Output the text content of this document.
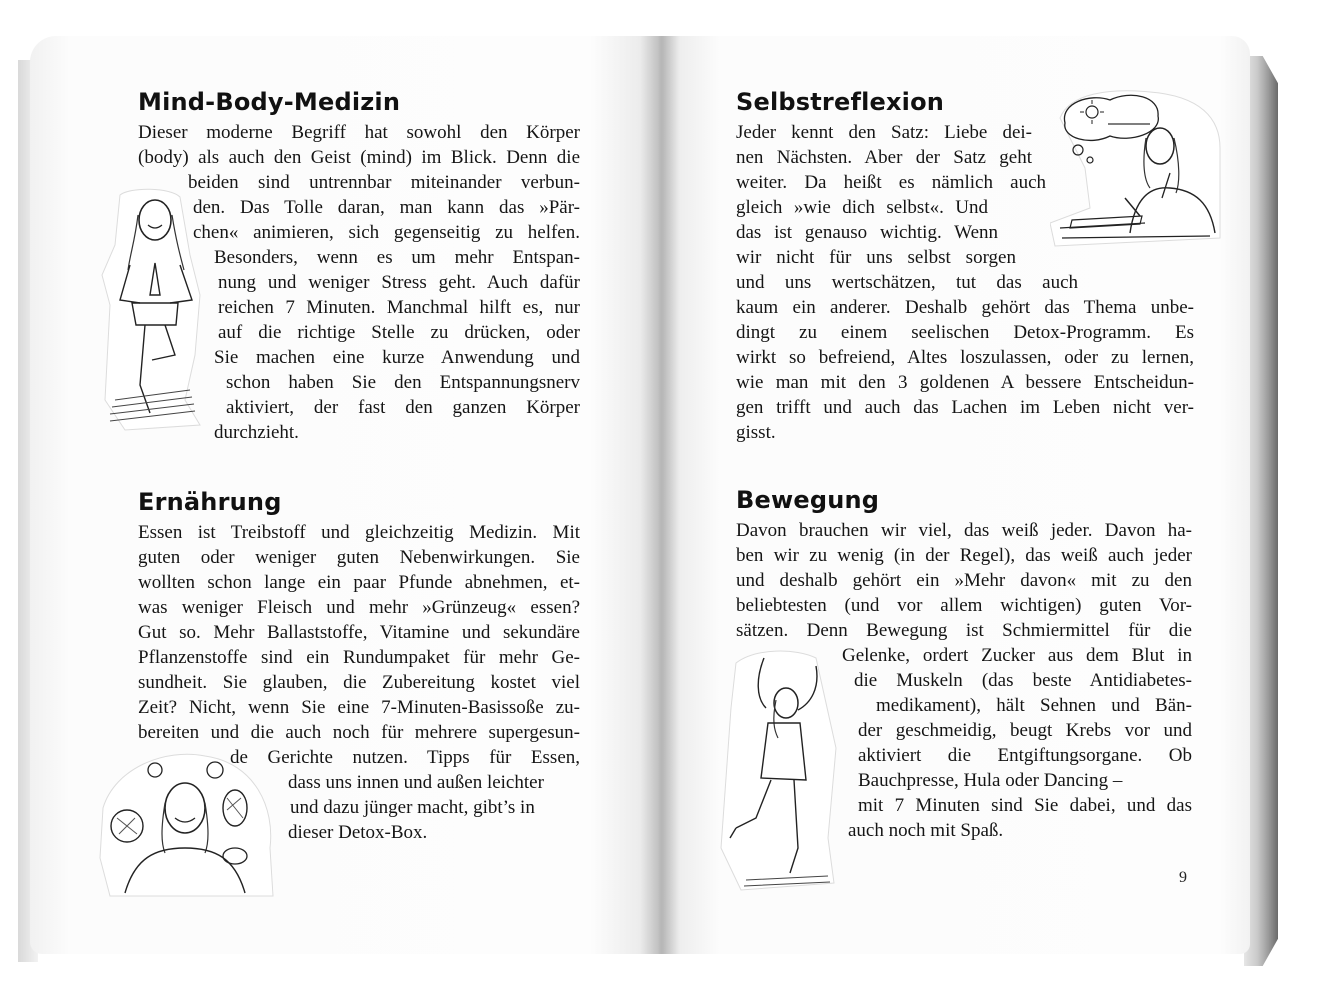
Mind-Body-Medizin
Dieser moderne Begriff hat sowohl den Körper
(body) als auch den Geist (mind) im Blick. Denn die
beiden sind untrennbar miteinander verbun-
den. Das Tolle daran, man kann das »Pär-
chen« animieren, sich gegenseitig zu helfen.
Besonders, wenn es um mehr Entspan-
nung und weniger Stress geht. Auch dafür
reichen 7 Minuten. Manchmal hilft es, nur
auf die richtige Stelle zu drücken, oder
Sie machen eine kurze Anwendung und
schon haben Sie den Entspannungsnerv
aktiviert, der fast den ganzen Körper
durchzieht.
Ernährung
Essen ist Treibstoff und gleichzeitig Medizin. Mit
guten oder weniger guten Nebenwirkungen. Sie
wollten schon lange ein paar Pfunde abnehmen, et-
was weniger Fleisch und mehr »Grünzeug« essen?
Gut so. Mehr Ballaststoffe, Vitamine und sekundäre
Pflanzenstoffe sind ein Rundumpaket für mehr Ge-
sundheit. Sie glauben, die Zubereitung kostet viel
Zeit? Nicht, wenn Sie eine 7-Minuten-Basissoße zu-
bereiten und die auch noch für mehrere supergesun-
de Gerichte nutzen. Tipps für Essen,
dass uns innen und außen leichter
und dazu jünger macht, gibt’s in
dieser Detox-Box.
Selbstreflexion
Jeder kennt den Satz: Liebe dei-
nen Nächsten. Aber der Satz geht
weiter. Da heißt es nämlich auch
gleich »wie dich selbst«. Und
das ist genauso wichtig. Wenn
wir nicht für uns selbst sorgen
und uns wertschätzen, tut das auch
kaum ein anderer. Deshalb gehört das Thema unbe-
dingt zu einem seelischen Detox-Programm. Es
wirkt so befreiend, Altes loszulassen, oder zu lernen,
wie man mit den 3 goldenen A bessere Entscheidun-
gen trifft und auch das Lachen im Leben nicht ver-
gisst.
Bewegung
Davon brauchen wir viel, das weiß jeder. Davon ha-
ben wir zu wenig (in der Regel), das weiß auch jeder
und deshalb gehört ein »Mehr davon« mit zu den
beliebtesten (und vor allem wichtigen) guten Vor-
sätzen. Denn Bewegung ist Schmiermittel für die
Gelenke, ordert Zucker aus dem Blut in
die Muskeln (das beste Antidiabetes-
medikament), hält Sehnen und Bän-
der geschmeidig, beugt Krebs vor und
aktiviert die Entgiftungsorgane. Ob
Bauchpresse, Hula oder Dancing –
mit 7 Minuten sind Sie dabei, und das
auch noch mit Spaß.
9
